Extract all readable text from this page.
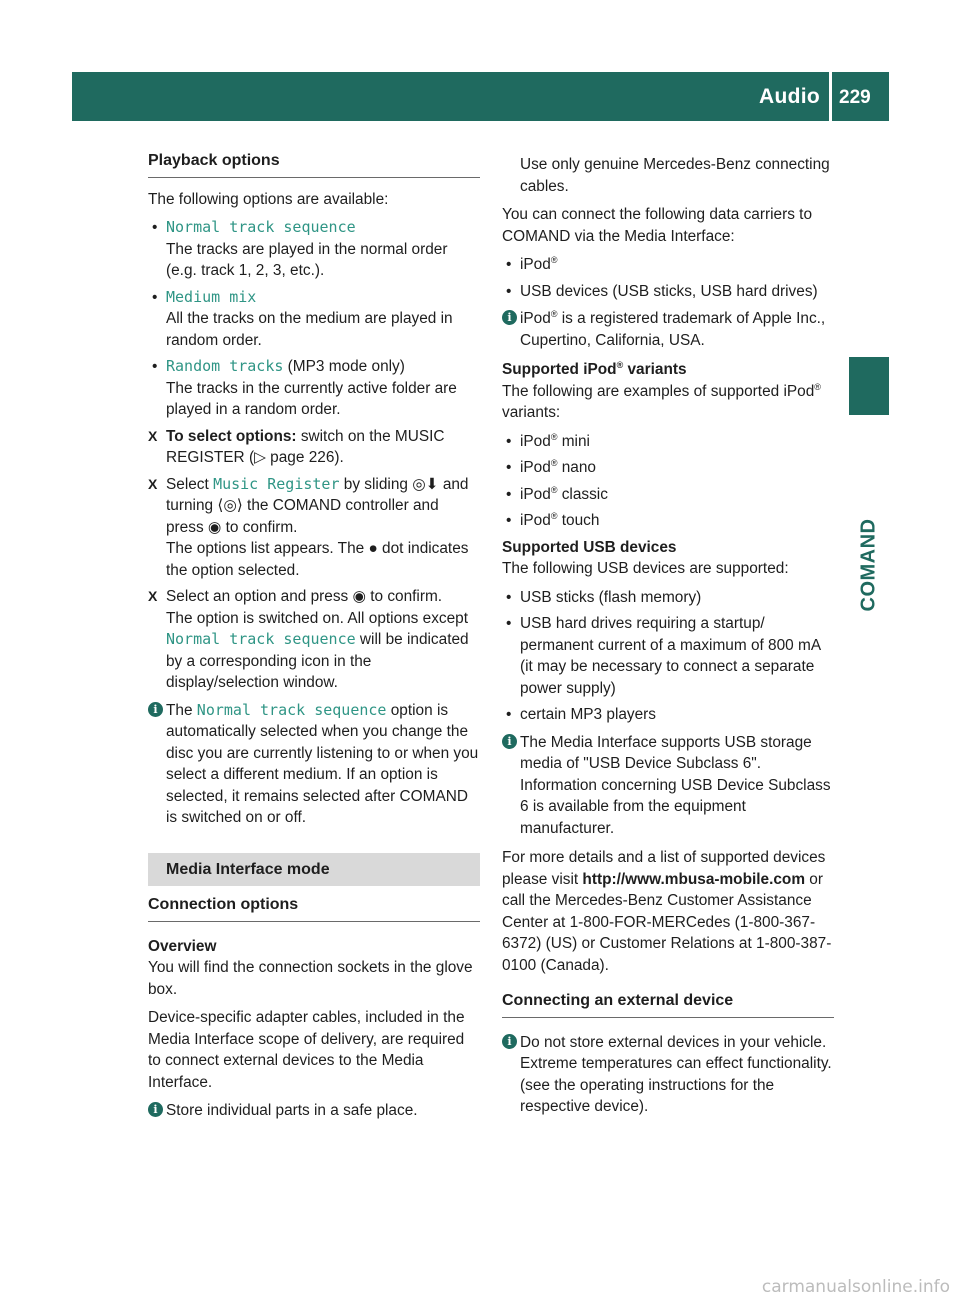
Audio 229
COMAND
Playback options

The following options are available:

• Normal track sequence
The tracks are played in the normal order (e.g. track 1, 2, 3, etc.).
• Medium mix
All the tracks on the medium are played in random order.
• Random tracks (MP3 mode only)
The tracks in the currently active folder are played in a random order.
X To select options: switch on the MUSIC REGISTER (▷ page 226).
X Select Music Register by sliding ◎⬇ and turning ⟨◎⟩ the COMAND controller and press ◉ to confirm.
The options list appears. The ● dot indicates the option selected.
X Select an option and press ◉ to confirm.
The option is switched on. All options except Normal track sequence will be indicated by a corresponding icon in the display/selection window.
i The Normal track sequence option is automatically selected when you change the disc you are currently listening to or when you select a different medium. If an option is selected, it remains selected after COMAND is switched on or off.
Media Interface mode
Connection options

Overview

You will find the connection sockets in the glove box.

Device-specific adapter cables, included in the Media Interface scope of delivery, are required to connect external devices to the Media Interface.

i Store individual parts in a safe place.

Use only genuine Mercedes-Benz connecting cables.

You can connect the following data carriers to COMAND via the Media Interface:

• iPod®
• USB devices (USB sticks, USB hard drives)
i iPod® is a registered trademark of Apple Inc., Cupertino, California, USA.

Supported iPod® variants

The following are examples of supported iPod® variants:

• iPod® mini
• iPod® nano
• iPod® classic
• iPod® touch

Supported USB devices

The following USB devices are supported:

• USB sticks (flash memory)
• USB hard drives requiring a startup/ permanent current of a maximum of 800 mA (it may be necessary to connect a separate power supply)
• certain MP3 players
i The Media Interface supports USB storage media of "USB Device Subclass 6". Information concerning USB Device Subclass 6 is available from the equipment manufacturer.

For more details and a list of supported devices please visit http://www.mbusa-mobile.com or call the Mercedes-Benz Customer Assistance Center at 1-800-FOR-MERCedes (1-800-367-6372) (US) or Customer Relations at 1-800-387-0100 (Canada).

Connecting an external device
i Do not store external devices in your vehicle. Extreme temperatures can effect functionality. (see the operating instructions for the respective device).
carmanualsonline.info
